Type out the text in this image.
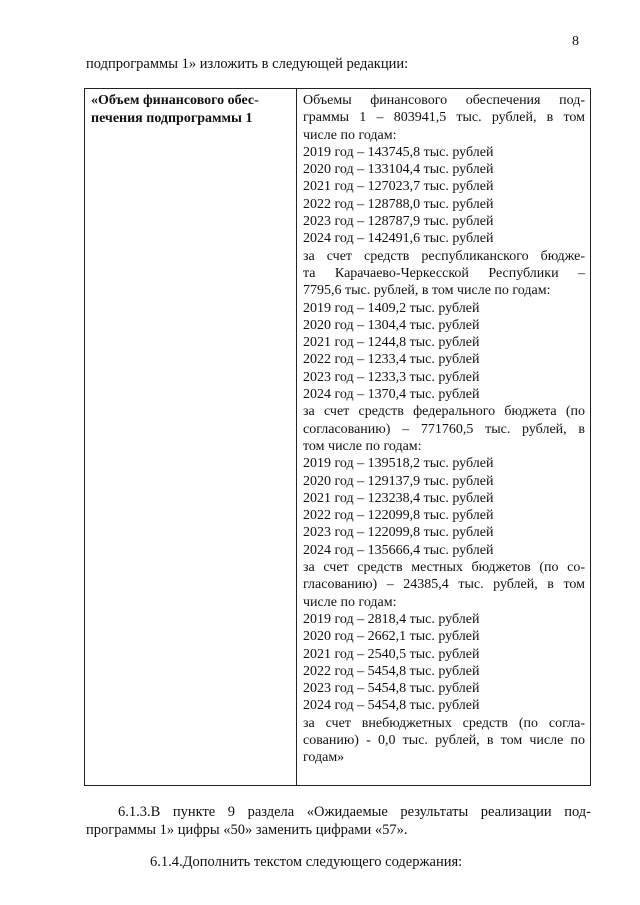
8
подпрограммы 1» изложить в следующей редакции:
«Объем финансового обес-
печения подпрограммы 1

Объемы финансового обеспечения под-
граммы 1 – 803941,5 тыс. рублей, в том
числе по годам:
2019 год – 143745,8 тыс. рублей
2020 год – 133104,4 тыс. рублей
2021 год – 127023,7 тыс. рублей
2022 год – 128788,0 тыс. рублей
2023 год – 128787,9 тыс. рублей
2024 год – 142491,6 тыс. рублей
за счет средств республиканского бюдже-
та Карачаево-Черкесской Республики –
7795,6 тыс. рублей, в том числе по годам:
2019 год – 1409,2 тыс. рублей
2020 год – 1304,4 тыс. рублей
2021 год – 1244,8 тыс. рублей
2022 год – 1233,4 тыс. рублей
2023 год – 1233,3 тыс. рублей
2024 год – 1370,4 тыс. рублей
за счет средств федерального бюджета (по
согласованию) – 771760,5 тыс. рублей, в
том числе по годам:
2019 год – 139518,2 тыс. рублей
2020 год – 129137,9 тыс. рублей
2021 год – 123238,4 тыс. рублей
2022 год – 122099,8 тыс. рублей
2023 год – 122099,8 тыс. рублей
2024 год – 135666,4 тыс. рублей
за счет средств местных бюджетов (по со-
гласованию) – 24385,4 тыс. рублей, в том
числе по годам:
2019 год – 2818,4 тыс. рублей
2020 год – 2662,1 тыс. рублей
2021 год – 2540,5 тыс. рублей
2022 год – 5454,8 тыс. рублей
2023 год – 5454,8 тыс. рублей
2024 год – 5454,8 тыс. рублей
за счет внебюджетных средств (по согла-
сованию) - 0,0 тыс. рублей, в том числе по
годам»
6.1.3.В пункте 9 раздела «Ожидаемые результаты реализации под-
программы 1» цифры «50» заменить цифрами «57».
6.1.4.Дополнить текстом следующего содержания:
